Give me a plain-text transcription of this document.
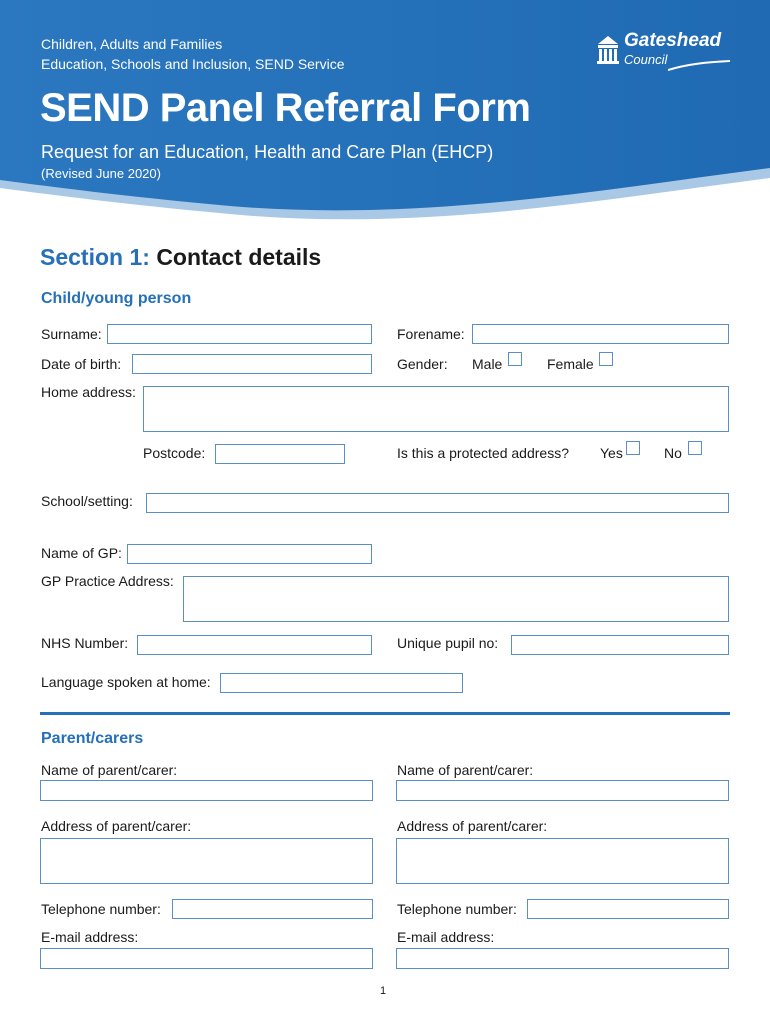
Children, Adults and Families
Education, Schools and Inclusion, SEND Service
SEND Panel Referral Form
Request for an Education, Health and Care Plan (EHCP)
(Revised June 2020)
Gateshead
Council
Section 1: Contact details
Child/young person
Surname:	Forename:
Date of birth:	Gender: Male	Female
Home address:
Postcode:	Is this a protected address? Yes	No
School/setting:
Name of GP:
GP Practice Address:
NHS Number:	Unique pupil no:
Language spoken at home:
Parent/carers
Name of parent/carer:	Name of parent/carer:
Address of parent/carer:	Address of parent/carer:
Telephone number:	Telephone number:
E-mail address:	E-mail address:
1
